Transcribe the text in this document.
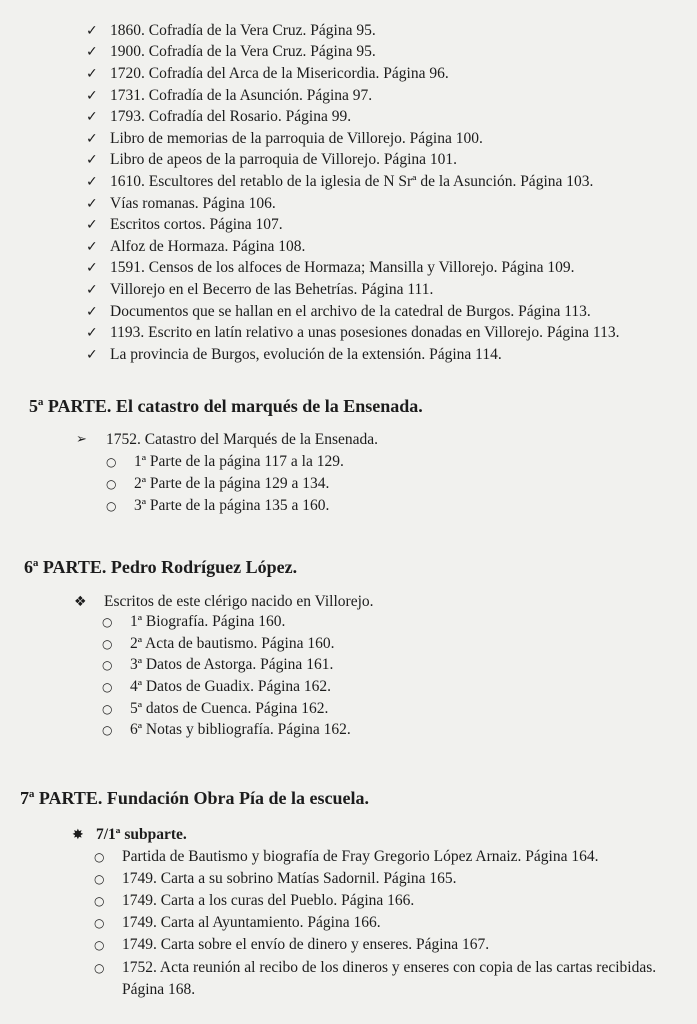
✓ 1860. Cofradía de la Vera Cruz. Página 95.
✓ 1900. Cofradía de la Vera Cruz. Página 95.
✓ 1720. Cofradía del Arca de la Misericordia. Página 96.
✓ 1731. Cofradía de la Asunción. Página 97.
✓ 1793. Cofradía del Rosario. Página 99.
✓ Libro de memorias de la parroquia de Villorejo. Página 100.
✓ Libro de apeos de la parroquia de Villorejo. Página 101.
✓ 1610. Escultores del retablo de la iglesia de N Srª de la Asunción. Página 103.
✓ Vías romanas. Página 106.
✓ Escritos cortos. Página 107.
✓ Alfoz de Hormaza. Página 108.
✓ 1591. Censos de los alfoces de Hormaza; Mansilla y Villorejo. Página 109.
✓ Villorejo en el Becerro de las Behetrías. Página 111.
✓ Documentos que se hallan en el archivo de la catedral de Burgos. Página 113.
✓ 1193. Escrito en latín relativo a unas posesiones donadas en Villorejo. Página 113.
✓ La provincia de Burgos, evolución de la extensión. Página 114.
5ª PARTE. El catastro del marqués de la Ensenada.
➢	1752. Catastro del Marqués de la Ensenada.
○	1ª Parte de la página 117 a la 129.
○	2ª Parte de la página 129 a 134.
○	3ª Parte de la página 135 a 160.
6ª PARTE. Pedro Rodríguez López.
❖	Escritos de este clérigo nacido en Villorejo.
○	1ª Biografía. Página 160.
○	2ª Acta de bautismo. Página 160.
○	3ª Datos de Astorga. Página 161.
○	4ª Datos de Guadix. Página 162.
○	5ª datos de Cuenca. Página 162.
○	6ª Notas y bibliografía. Página 162.
7ª PARTE. Fundación Obra Pía de la escuela.
✸ 7/1ª subparte.
○	Partida de Bautismo y biografía de Fray Gregorio López Arnaiz. Página 164.
○	1749. Carta a su sobrino Matías Sadornil. Página 165.
○	1749. Carta a los curas del Pueblo. Página 166.
○	1749. Carta al Ayuntamiento. Página 166.
○	1749. Carta sobre el envío de dinero y enseres. Página 167.
○	1752. Acta reunión al recibo de los dineros y enseres con copia de las cartas recibidas. Página 168.
